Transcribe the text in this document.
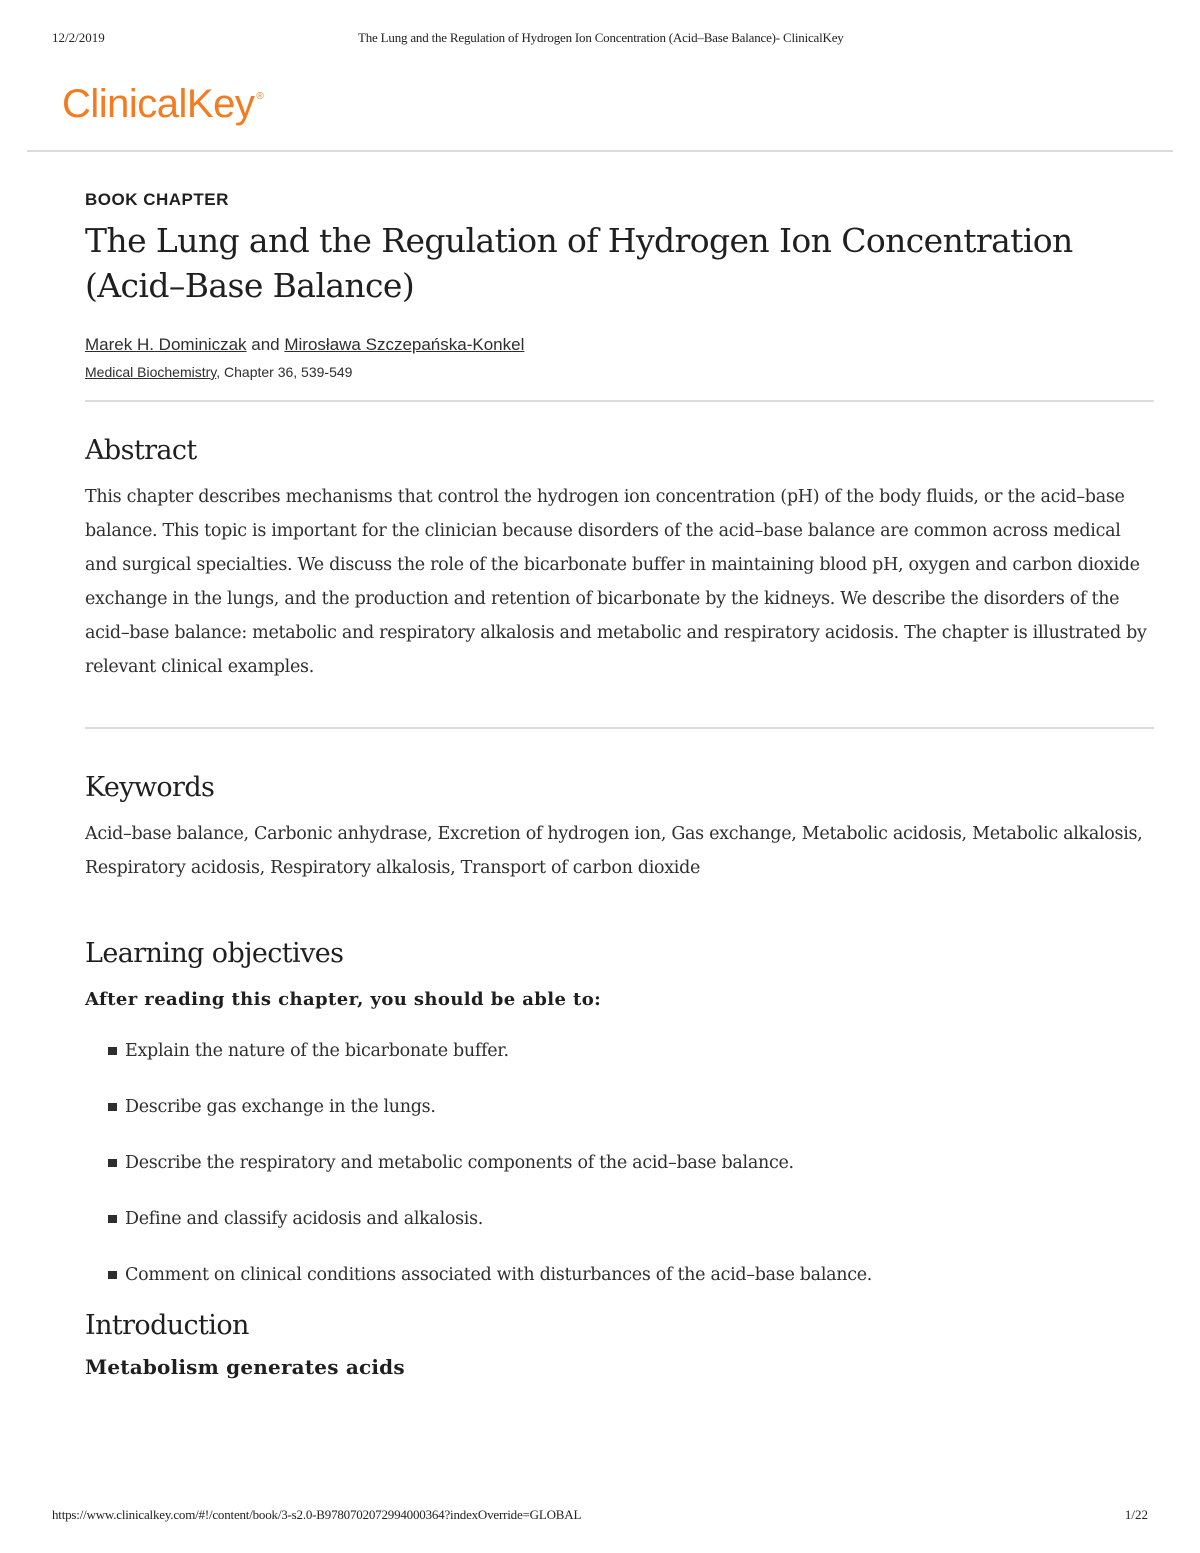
12/2/2019	The Lung and the Regulation of Hydrogen Ion Concentration (Acid–Base Balance)- ClinicalKey
ClinicalKey ®

BOOK CHAPTER

The Lung and the Regulation of Hydrogen Ion Concentration (Acid–Base Balance)
Marek H. Dominiczak and Mirosława Szczepańska-Konkel
Medical Biochemistry, Chapter 36, 539-549
Abstract

This chapter describes mechanisms that control the hydrogen ion concentration (pH) of the body fluids, or the acid–base balance. This topic is important for the clinician because disorders of the acid–base balance are common across medical and surgical specialties. We discuss the role of the bicarbonate buffer in maintaining blood pH, oxygen and carbon dioxide exchange in the lungs, and the production and retention of bicarbonate by the kidneys. We describe the disorders of the acid–base balance: metabolic and respiratory alkalosis and metabolic and respiratory acidosis. The chapter is illustrated by relevant clinical examples.

Keywords

Acid–base balance, Carbonic anhydrase, Excretion of hydrogen ion, Gas exchange, Metabolic acidosis, Metabolic alkalosis, Respiratory acidosis, Respiratory alkalosis, Transport of carbon dioxide

Learning objectives

After reading this chapter, you should be able to:

Explain the nature of the bicarbonate buffer.
Describe gas exchange in the lungs.
Describe the respiratory and metabolic components of the acid–base balance.
Define and classify acidosis and alkalosis.
Comment on clinical conditions associated with disturbances of the acid–base balance.
Introduction
Metabolism generates acids
https://www.clinicalkey.com/#!/content/book/3-s2.0-B9780702072994000364?indexOverride=GLOBAL	1/22
